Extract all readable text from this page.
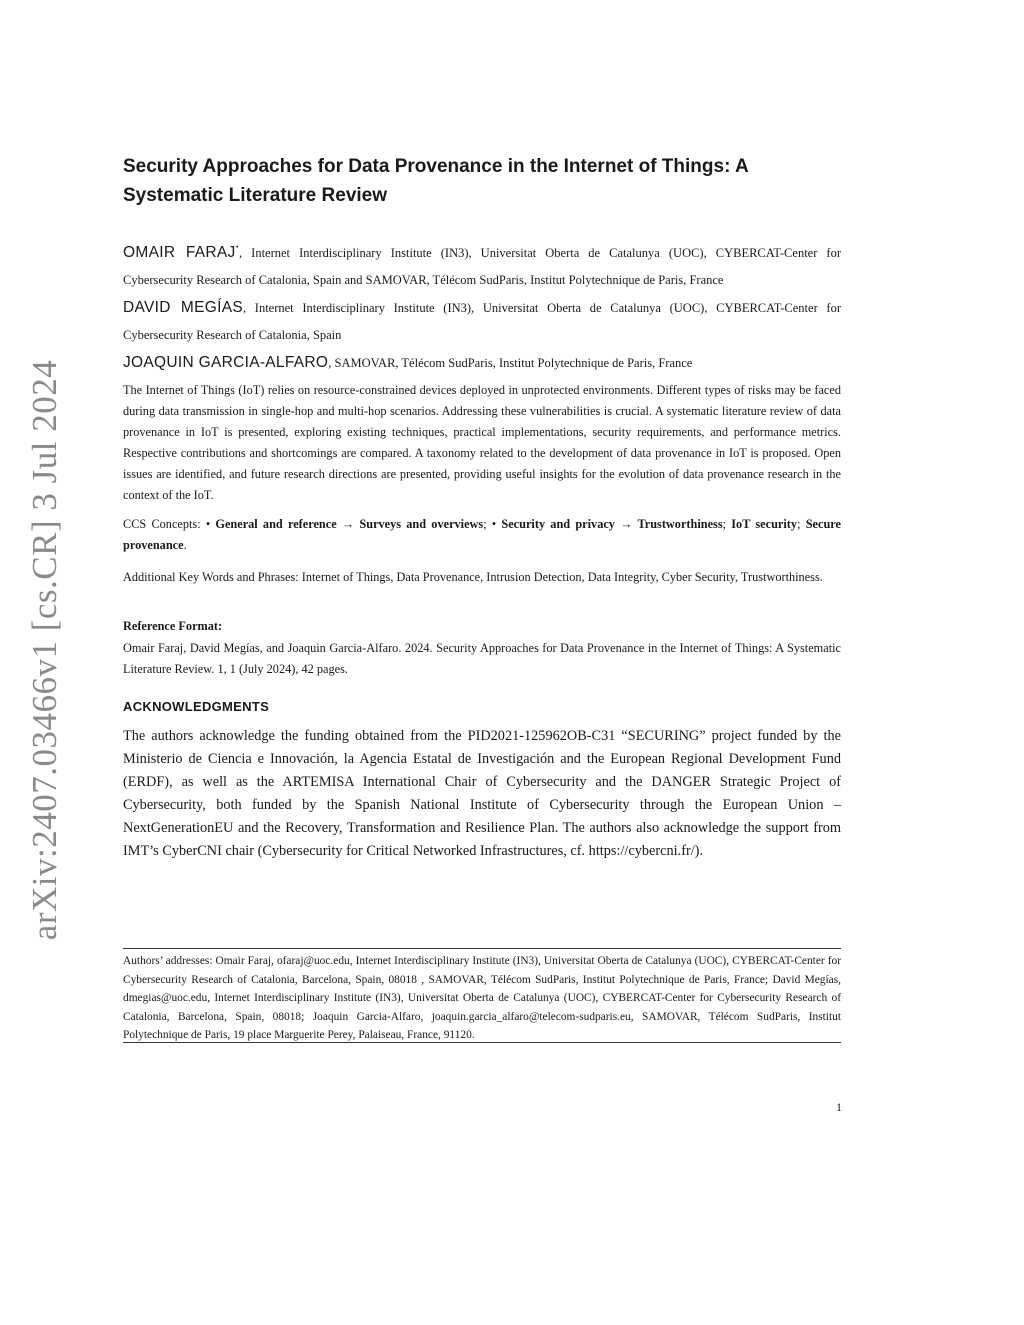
arXiv:2407.03466v1 [cs.CR] 3 Jul 2024
Security Approaches for Data Provenance in the Internet of Things: A Systematic Literature Review

OMAIR FARAJ*, Internet Interdisciplinary Institute (IN3), Universitat Oberta de Catalunya (UOC), CYBERCAT-Center for Cybersecurity Research of Catalonia, Spain and SAMOVAR, Télécom SudParis, Institut Polytechnique de Paris, France

DAVID MEGÍAS, Internet Interdisciplinary Institute (IN3), Universitat Oberta de Catalunya (UOC), CYBERCAT-Center for Cybersecurity Research of Catalonia, Spain

JOAQUIN GARCIA-ALFARO, SAMOVAR, Télécom SudParis, Institut Polytechnique de Paris, France

The Internet of Things (IoT) relies on resource-constrained devices deployed in unprotected environments. Different types of risks may be faced during data transmission in single-hop and multi-hop scenarios. Addressing these vulnerabilities is crucial. A systematic literature review of data provenance in IoT is presented, exploring existing techniques, practical implementations, security requirements, and performance metrics. Respective contributions and shortcomings are compared. A taxonomy related to the development of data provenance in IoT is proposed. Open issues are identified, and future research directions are presented, providing useful insights for the evolution of data provenance research in the context of the IoT.

CCS Concepts: • General and reference → Surveys and overviews; • Security and privacy → Trustworthiness; IoT security; Secure provenance.

Additional Key Words and Phrases: Internet of Things, Data Provenance, Intrusion Detection, Data Integrity, Cyber Security, Trustworthiness.

Reference Format:

Omair Faraj, David Megías, and Joaquin Garcia-Alfaro. 2024. Security Approaches for Data Provenance in the Internet of Things: A Systematic Literature Review. 1, 1 (July 2024), 42 pages.

ACKNOWLEDGMENTS

The authors acknowledge the funding obtained from the PID2021-125962OB-C31 “SECURING” project funded by the Ministerio de Ciencia e Innovación, la Agencia Estatal de Investigación and the European Regional Development Fund (ERDF), as well as the ARTEMISA International Chair of Cybersecurity and the DANGER Strategic Project of Cybersecurity, both funded by the Spanish National Institute of Cybersecurity through the European Union – NextGenerationEU and the Recovery, Transformation and Resilience Plan. The authors also acknowledge the support from IMT’s CyberCNI chair (Cybersecurity for Critical Networked Infrastructures, cf. https://cybercni.fr/).

Authors’ addresses: Omair Faraj, ofaraj@uoc.edu, Internet Interdisciplinary Institute (IN3), Universitat Oberta de Catalunya (UOC), CYBERCAT-Center for Cybersecurity Research of Catalonia, Barcelona, Spain, 08018 , SAMOVAR, Télécom SudParis, Institut Polytechnique de Paris, France; David Megías, dmegias@uoc.edu, Internet Interdisciplinary Institute (IN3), Universitat Oberta de Catalunya (UOC), CYBERCAT-Center for Cybersecurity Research of Catalonia, Barcelona, Spain, 08018; Joaquin Garcia-Alfaro, joaquin.garcia_alfaro@telecom-sudparis.eu, SAMOVAR, Télécom SudParis, Institut Polytechnique de Paris, 19 place Marguerite Perey, Palaiseau, France, 91120.

1
